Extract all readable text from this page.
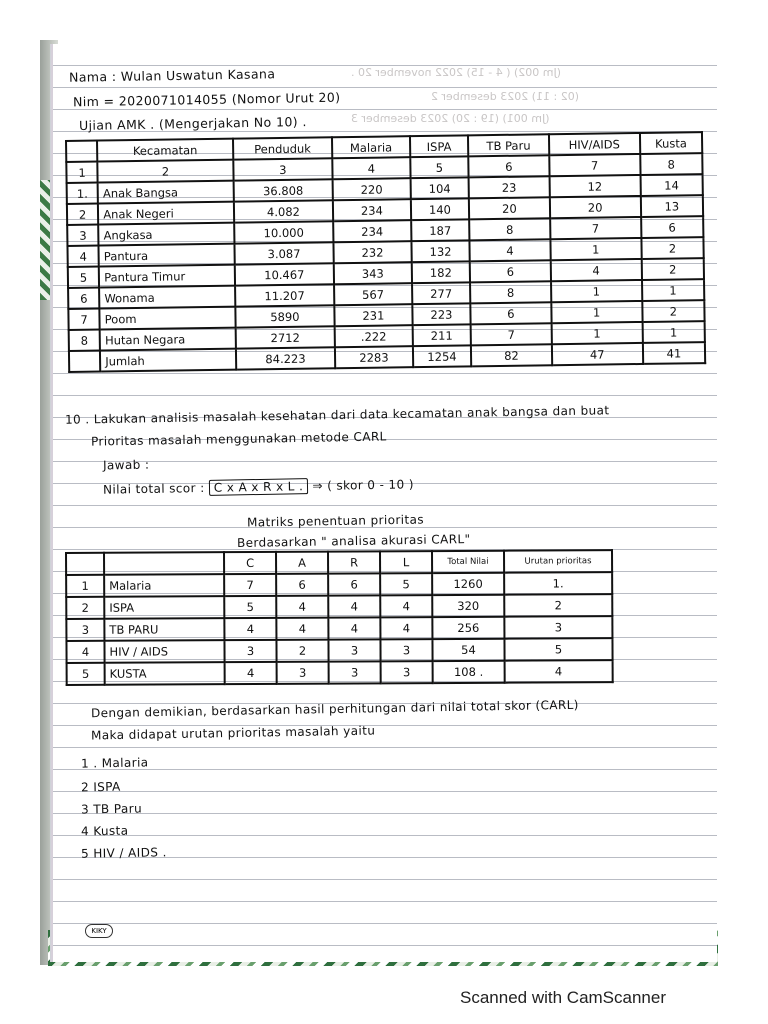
(Jm 002) ( 4 - 15) 2022 november 20 .
(02 : 11) 2023 desember 2
(Jm 001) (19 : 20) 2023 desember 3
Nama : Wulan Uswatun Kasana
Nim = 2020071014055 (Nomor Urut 20)
Ujian AMK . (Mengerjakan No 10) .
	Kecamatan	Penduduk	Malaria	ISPA	TB Paru	HIV/AIDS	Kusta
1	2	3	4	5	6	7	8
1.	Anak Bangsa	36.808	220	104	23	12	14
2	Anak Negeri	4.082	234	140	20	20	13
3	Angkasa	10.000	234	187	8	7	6
4	Pantura	3.087	232	132	4	1	2
5	Pantura Timur	10.467	343	182	6	4	2
6	Wonama	11.207	567	277	8	1	1
7	Poom	5890	231	223	6	1	2
8	Hutan Negara	2712	.222	211	7	1	1
	Jumlah	84.223	2283	1254	82	47	41
10 . Lakukan analisis masalah kesehatan dari data kecamatan anak bangsa dan buat
Prioritas masalah menggunakan metode CARL
Jawab :
Nilai total scor : C x A x R x L . ⇒ ( skor 0 - 10 )
Matriks penentuan prioritas
Berdasarkan " analisa akurasi CARL"
		C	A	R	L	Total Nilai	Urutan prioritas
1	Malaria	7	6	6	5	1260	1.
2	ISPA	5	4	4	4	320	2
3	TB PARU	4	4	4	4	256	3
4	HIV / AIDS	3	2	3	3	54	5
5	KUSTA	4	3	3	3	108 .	4
Dengan demikian, berdasarkan hasil perhitungan dari nilai total skor (CARL)
Maka didapat urutan prioritas masalah yaitu
1 . Malaria
2 ISPA
3 TB Paru
4 Kusta
5 HIV / AIDS .
KIKY
Scanned with CamScanner
